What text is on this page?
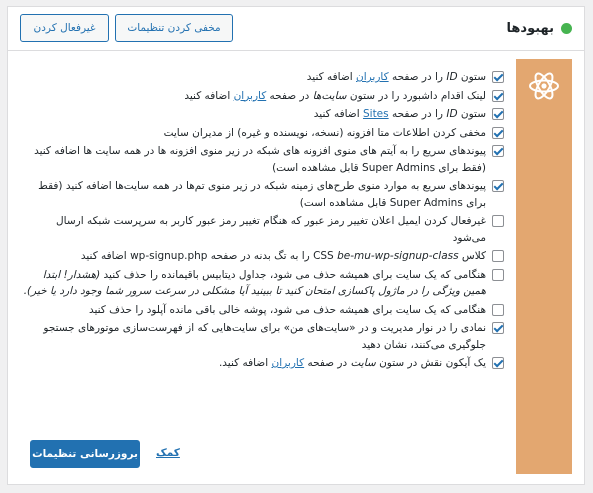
بهبودها
مخفی کردن تنظیمات
غیرفعال کردن
ستون ID را در صفحه کاربران اضافه کنید
لینک اقدام داشبورد را در ستون سایت‌ها در صفحه کاربران اضافه کنید
ستون ID را در صفحه Sites اضافه کنید
مخفی کردن اطلاعات متا افزونه (نسخه، نویسنده و غیره) از مدیران سایت
پیوندهای سریع را به آیتم های منوی افزونه های شبکه در زیر منوی افزونه ها در همه سایت ها اضافه کنید (فقط برای Super Admins قابل مشاهده است)
پیوندهای سریع به موارد منوی طرح‌های زمینه شبکه در زیر منوی تم‌ها در همه سایت‌ها اضافه کنید (فقط برای Super Admins قابل مشاهده است)
غیرفعال کردن ایمیل اعلان تغییر رمز عبور که هنگام تغییر رمز عبور کاربر به سرپرست شبکه ارسال می‌شود
کلاس CSS be-mu-wp-signup-class را به تگ بدنه در صفحه wp-signup.php اضافه کنید
هنگامی که یک سایت برای همیشه حذف می شود، جداول دیتابیس باقیمانده را حذف کنید (هشدار! ابتدا همین ویژگی را در ماژول پاکسازی امتحان کنید تا ببینید آیا مشکلی در سرعت سرور شما وجود دارد یا خیر).
هنگامی که یک سایت برای همیشه حذف می شود، پوشه خالی باقی مانده آپلود را حذف کنید
نمادی را در نوار مدیریت و در «سایت‌های من» برای سایت‌هایی که از فهرست‌سازی موتورهای جستجو جلوگیری می‌کنند، نشان دهید
یک آیکون نقش در ستون سایت در صفحه کاربران اضافه کنید.
بروزرسانی تنظیمات کمک
